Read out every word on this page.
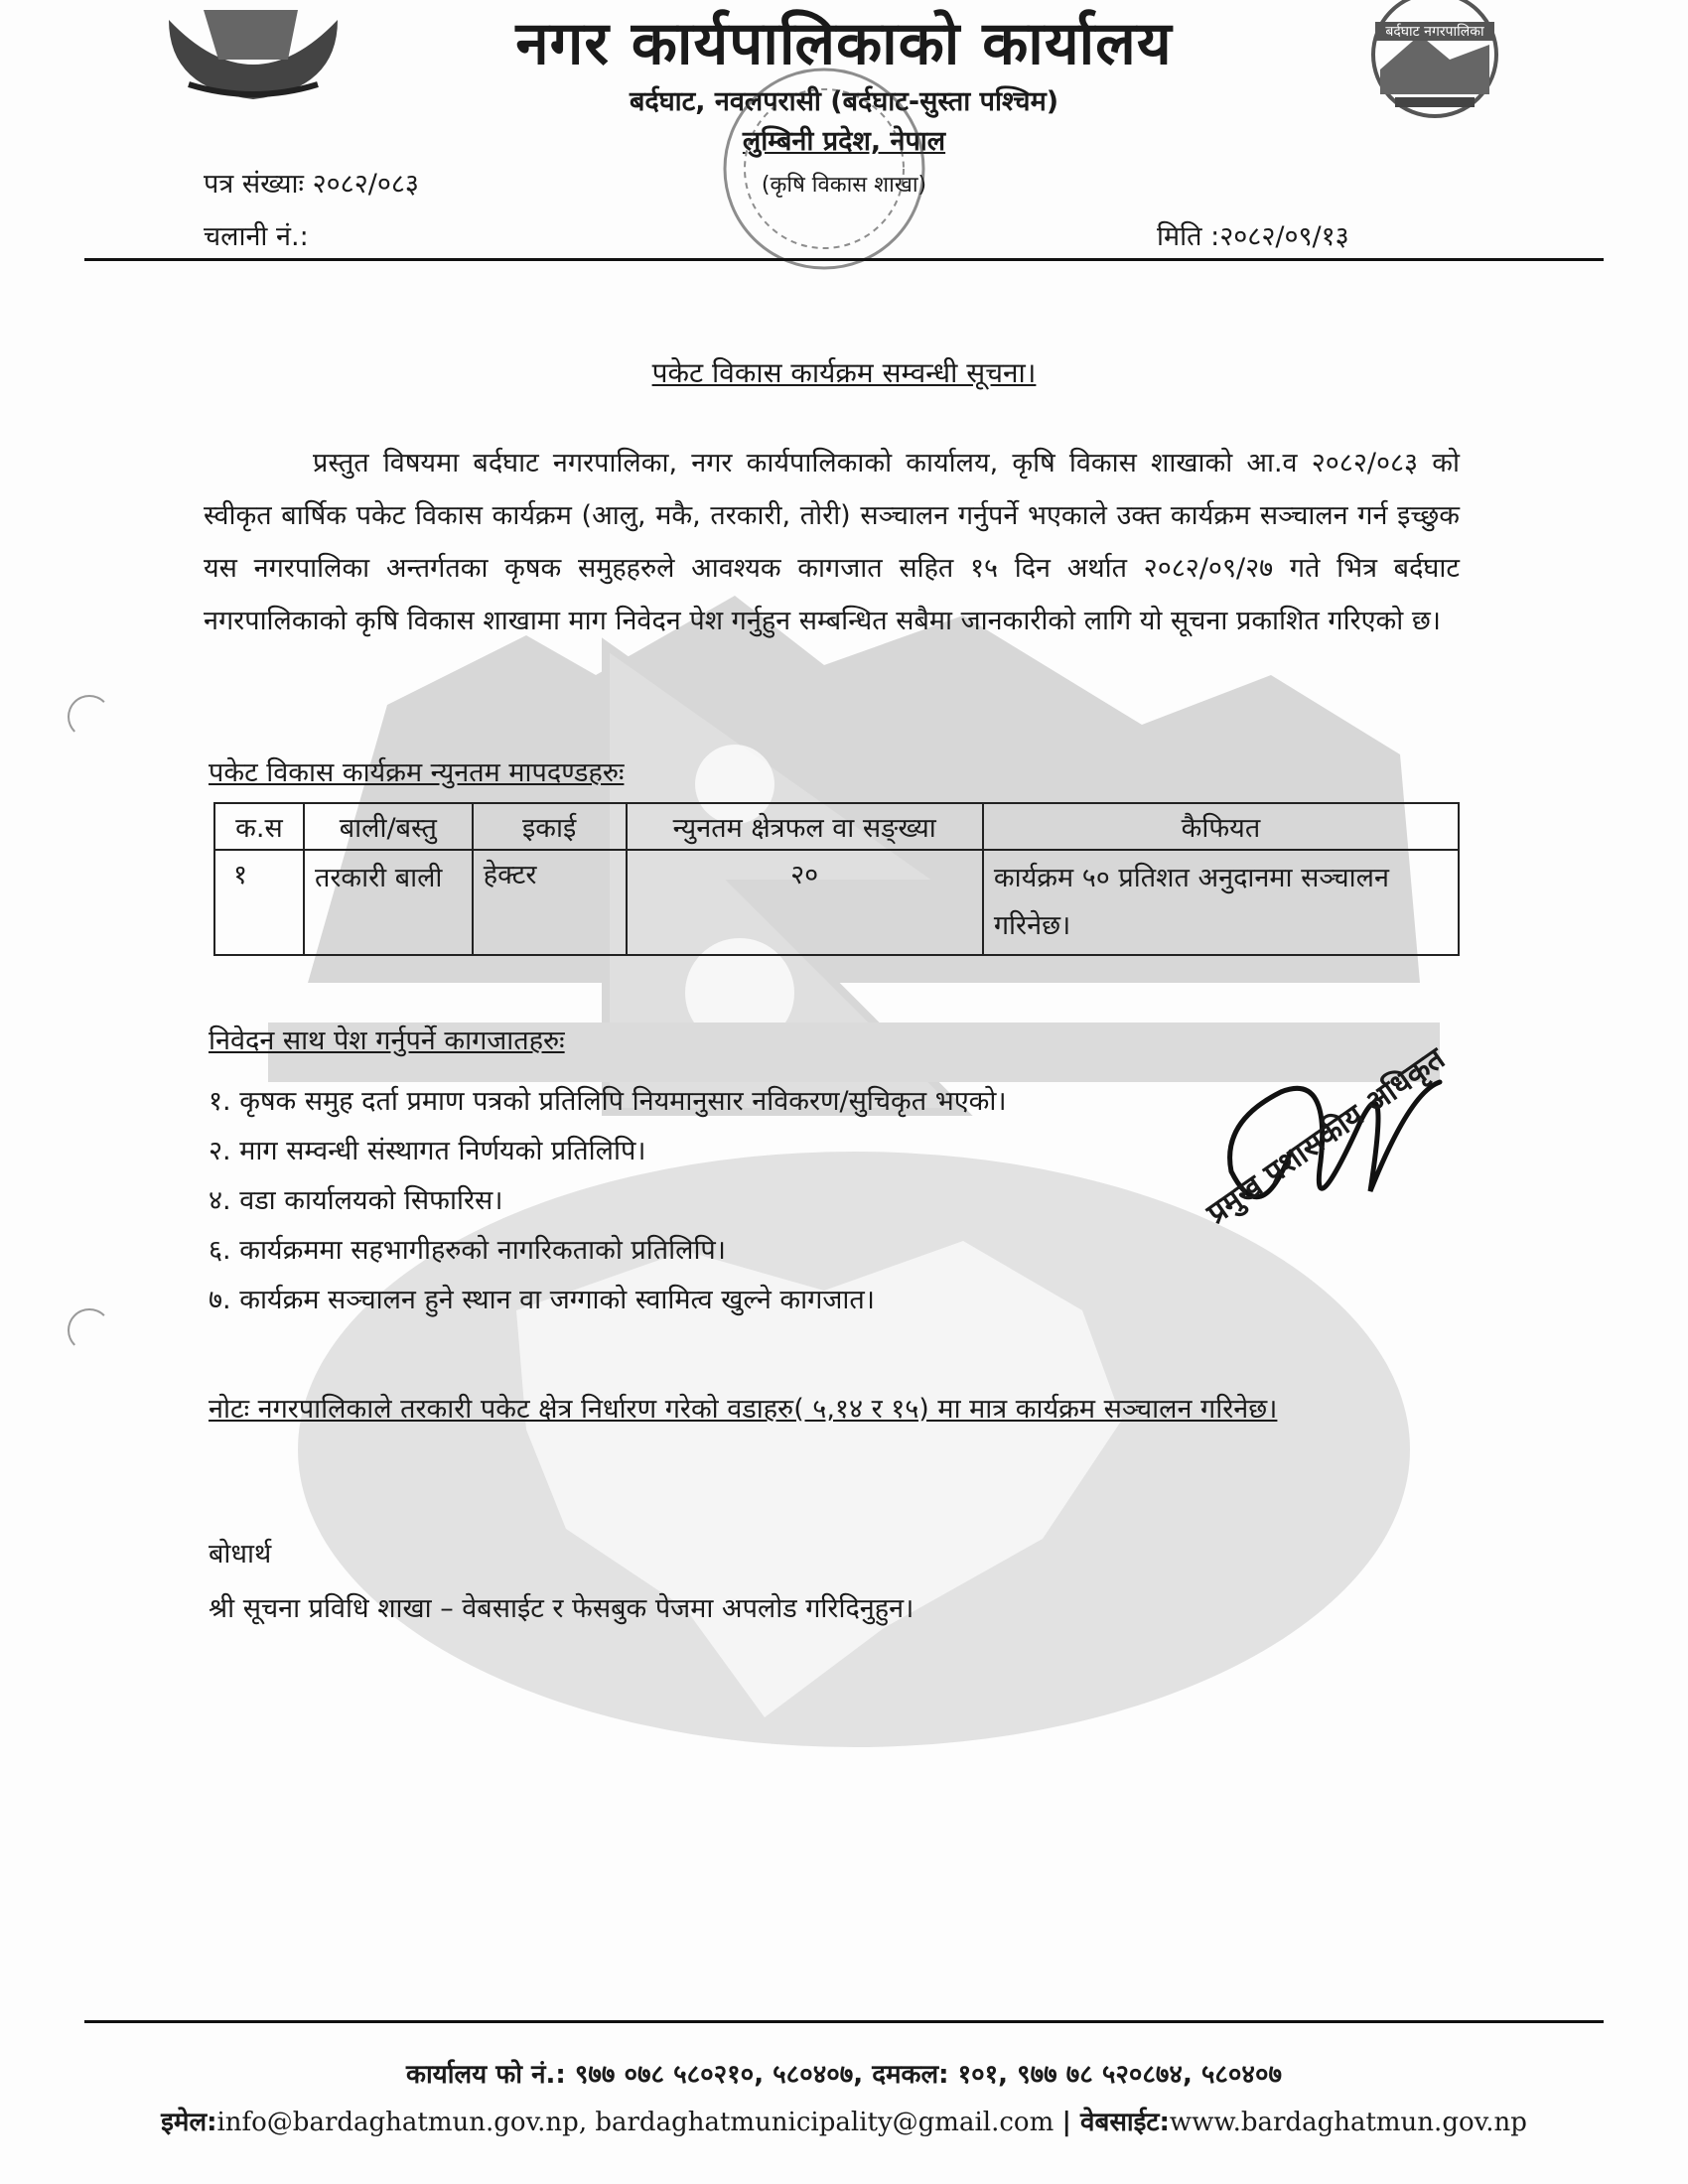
बर्दघाट नगरपालिका
नगर कार्यपालिकाको कार्यालय
बर्दघाट, नवलपरासी (बर्दघाट-सुस्ता पश्चिम)
लुम्बिनी प्रदेश, नेपाल
(कृषि विकास शाखा)
पत्र संख्याः २०८२/०८३
चलानी नं.:	मिति :२०८२/०९/१३
पकेट विकास कार्यक्रम सम्वन्धी सूचना।

प्रस्तुत विषयमा बर्दघाट नगरपालिका, नगर कार्यपालिकाको कार्यालय, कृषि विकास शाखाको आ.व २०८२/०८३ को स्वीकृत बार्षिक पकेट विकास कार्यक्रम (आलु, मकै, तरकारी, तोरी) सञ्चालन गर्नुपर्ने भएकाले उक्त कार्यक्रम सञ्चालन गर्न इच्छुक यस नगरपालिका अन्तर्गतका कृषक समुहहरुले आवश्यक कागजात सहित १५ दिन अर्थात २०८२/०९/२७ गते भित्र बर्दघाट नगरपालिकाको कृषि विकास शाखामा माग निवेदन पेश गर्नुहुन सम्बन्धित सबैमा जानकारीको लागि यो सूचना प्रकाशित गरिएको छ।

पकेट विकास कार्यक्रम न्युनतम मापदण्डहरुः
क.स	बाली/बस्तु	इकाई	न्युनतम क्षेत्रफल वा सङ्ख्या	कैफियत
१	तरकारी बाली	हेक्टर	२०	कार्यक्रम ५० प्रतिशत अनुदानमा सञ्चालन गरिनेछ।
निवेदन साथ पेश गर्नुपर्ने कागजातहरुः
१. कृषक समुह दर्ता प्रमाण पत्रको प्रतिलिपि नियमानुसार नविकरण/सुचिकृत भएको।
२. माग सम्वन्धी संस्थागत निर्णयको प्रतिलिपि।
४. वडा कार्यालयको सिफारिस।
६. कार्यक्रममा सहभागीहरुको नागरिकताको प्रतिलिपि।
७. कार्यक्रम सञ्चालन हुने स्थान वा जग्गाको स्वामित्व खुल्ने कागजात।
प्रमुख प्रशासकीय अधिकृत
नोटः नगरपालिकाले तरकारी पकेट क्षेत्र निर्धारण गरेको वडाहरु( ५,१४ र १५) मा मात्र कार्यक्रम सञ्चालन गरिनेछ।
बोधार्थ
श्री सूचना प्रविधि शाखा – वेबसाईट र फेसबुक पेजमा अपलोड गरिदिनुहुन।
कार्यालय फो नं.: ९७७ ०७८ ५८०२१०, ५८०४०७, दमकल: १०१, ९७७ ७८ ५२०८७४, ५८०४०७
इमेल:info@bardaghatmun.gov.np, bardaghatmunicipality@gmail.com | वेबसाईट:www.bardaghatmun.gov.np
